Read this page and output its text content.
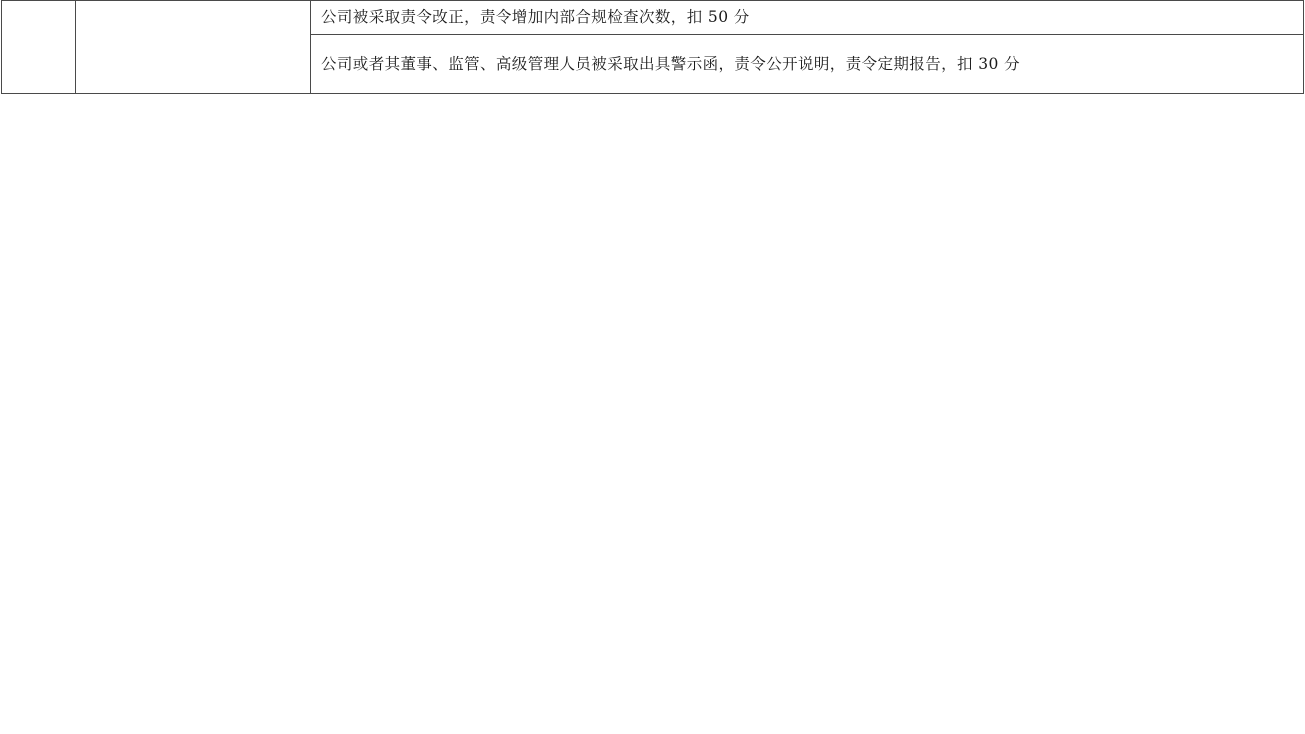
		公司被采取责令改正，责令增加内部合规检查次数，扣 50 分	
		公司或者其董事、监管、高级管理人员被采取出具警示函，责令公开说明，责令定期报告，扣 30 分	
